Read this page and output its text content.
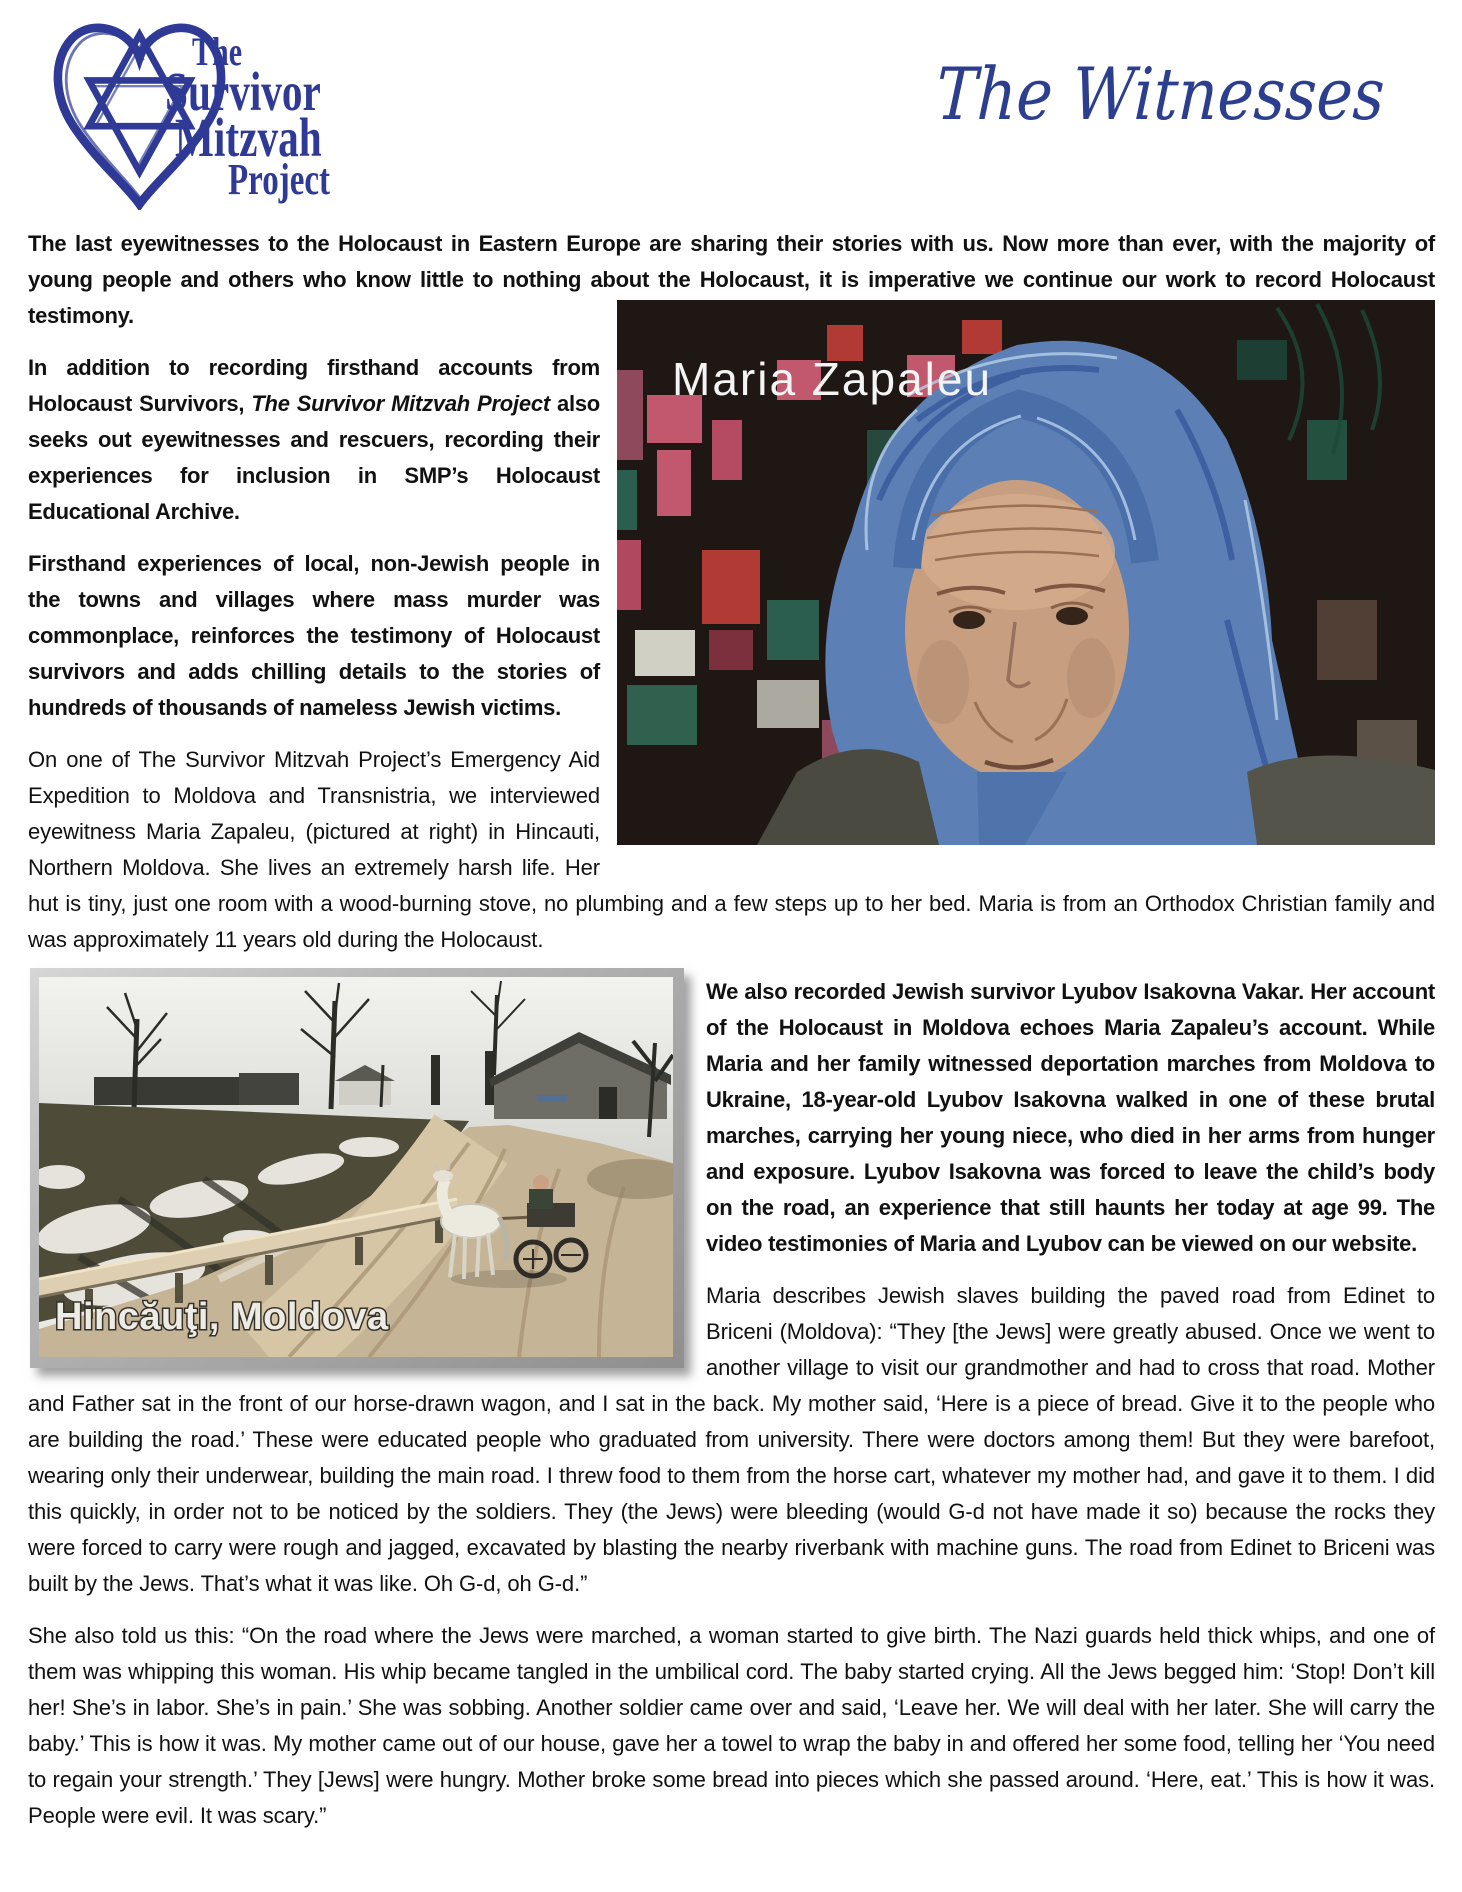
The
Survivor
Mitzvah
Project
The Witnesses

The last eyewitnesses to the Holocaust in Eastern Europe are sharing their stories with us. Now more than ever, with the majority of young people and others who know little to nothing about the Holocaust, it is imperative we continue our work to record Holocaust testimony.

Maria Zapaleu

In addition to recording firsthand accounts from Holocaust Survivors, The Survivor Mitzvah Project also seeks out eyewitnesses and rescuers, recording their experiences for inclusion in SMP’s Holocaust Educational Archive.

Firsthand experiences of local, non-Jewish people in the towns and villages where mass murder was commonplace, reinforces the testimony of Holocaust survivors and adds chilling details to the stories of hundreds of thousands of nameless Jewish victims.

On one of The Survivor Mitzvah Project’s Emergency Aid Expedition to Moldova and Transnistria, we interviewed eyewitness Maria Zapaleu, (pictured at right) in Hincauti, Northern Moldova. She lives an extremely harsh life. Her hut is tiny, just one room with a wood-burning stove, no plumbing and a few steps up to her bed. Maria is from an Orthodox Christian family and was approximately 11 years old during the Holocaust.

Hincăuţi, Moldova

We also recorded Jewish survivor Lyubov Isakovna Vakar. Her account of the Holocaust in Moldova echoes Maria Zapaleu’s account. While Maria and her family witnessed deportation marches from Moldova to Ukraine, 18-year-old Lyubov Isakovna walked in one of these brutal marches, carrying her young niece, who died in her arms from hunger and exposure. Lyubov Isakovna was forced to leave the child’s body on the road, an experience that still haunts her today at age 99. The video testimonies of Maria and Lyubov can be viewed on our website.

Maria describes Jewish slaves building the paved road from Edinet to Briceni (Moldova): “They [the Jews] were greatly abused. Once we went to another village to visit our grandmother and had to cross that road. Mother and Father sat in the front of our horse-drawn wagon, and I sat in the back. My mother said, ‘Here is a piece of bread. Give it to the people who are building the road.’ These were educated people who graduated from university. There were doctors among them! But they were barefoot, wearing only their underwear, building the main road. I threw food to them from the horse cart, whatever my mother had, and gave it to them. I did this quickly, in order not to be noticed by the soldiers. They (the Jews) were bleeding (would G-d not have made it so) because the rocks they were forced to carry were rough and jagged, excavated by blasting the nearby riverbank with machine guns. The road from Edinet to Briceni was built by the Jews. That’s what it was like. Oh G-d, oh G-d.”

She also told us this: “On the road where the Jews were marched, a woman started to give birth. The Nazi guards held thick whips, and one of them was whipping this woman. His whip became tangled in the umbilical cord. The baby started crying. All the Jews begged him: ‘Stop! Don’t kill her! She’s in labor. She’s in pain.’ She was sobbing. Another soldier came over and said, ‘Leave her. We will deal with her later. She will carry the baby.’ This is how it was. My mother came out of our house, gave her a towel to wrap the baby in and offered her some food, telling her ‘You need to regain your strength.’ They [Jews] were hungry. Mother broke some bread into pieces which she passed around. ‘Here, eat.’ This is how it was. People were evil. It was scary.”
